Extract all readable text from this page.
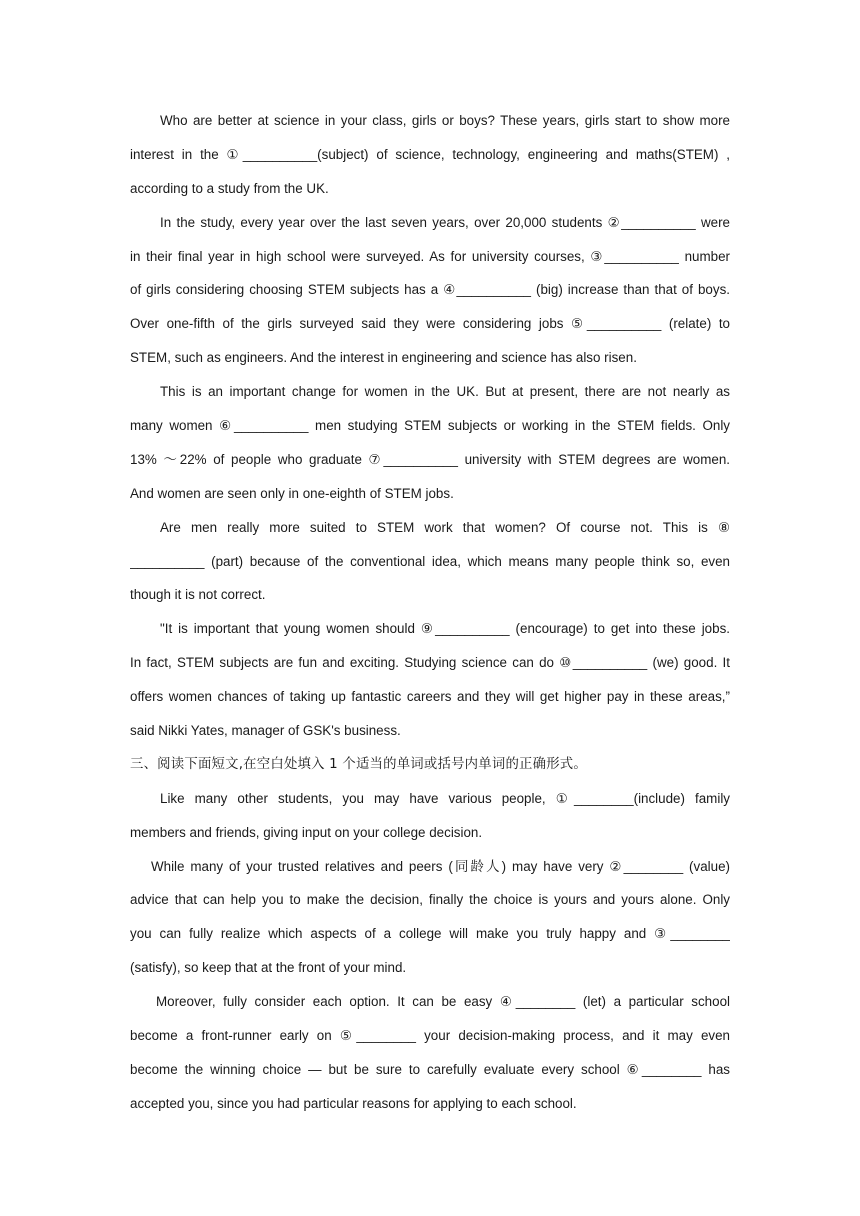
Who are better at science in your class, girls or boys? These years, girls start to show more
interest in the ①__________(subject) of science, technology, engineering and maths(STEM) ,
according to a study from the UK.
In the study, every year over the last seven years, over 20,000 students ②__________ were
in their final year in high school were surveyed. As for university courses, ③__________ number
of girls considering choosing STEM subjects has a ④__________ (big) increase than that of boys.
Over one-fifth of the girls surveyed said they were considering jobs ⑤__________ (relate) to
STEM, such as engineers. And the interest in engineering and science has also risen.
This is an important change for women in the UK. But at present, there are not nearly as
many women ⑥__________ men studying STEM subjects or working in the STEM fields. Only
13% ～22% of people who graduate ⑦__________ university with STEM degrees are women.
And women are seen only in one-eighth of STEM jobs.
Are men really more suited to STEM work that women? Of course not. This is ⑧
__________ (part) because of the conventional idea, which means many people think so, even
though it is not correct.
"It is important that young women should ⑨__________ (encourage) to get into these jobs.
In fact, STEM subjects are fun and exciting. Studying science can do ⑩__________ (we) good. It
offers women chances of taking up fantastic careers and they will get higher pay in these areas,”
said Nikki Yates, manager of GSK's business.
三、阅读下面短文,在空白处填入 1 个适当的单词或括号内单词的正确形式。
Like many other students, you may have various people, ①________(include) family
members and friends, giving input on your college decision.
While many of your trusted relatives and peers (同龄人) may have very ②________ (value)
advice that can help you to make the decision, finally the choice is yours and yours alone. Only
you can fully realize which aspects of a college will make you truly happy and ③________
(satisfy), so keep that at the front of your mind.
Moreover, fully consider each option. It can be easy ④________ (let) a particular school
become a front-runner early on ⑤________ your decision-making process, and it may even
become the winning choice — but be sure to carefully evaluate every school ⑥________ has
accepted you, since you had particular reasons for applying to each school.
